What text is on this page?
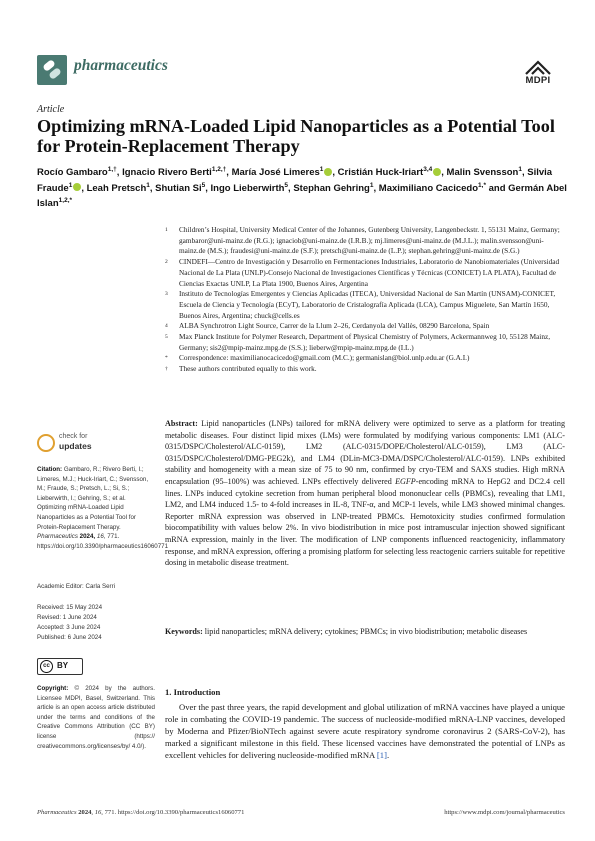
pharmaceutics
MDPI
Article
Optimizing mRNA-Loaded Lipid Nanoparticles as a Potential Tool for Protein-Replacement Therapy
Rocío Gambaro$^{1,\dagger}$, Ignacio Rivero Berti$^{1,2,\dagger}$, María José Limeres$^1$ , Cristián Huck-Iriart$^{3,4}$ , Malin Svensson$^1$, Silvia Fraude$^1$ , Leah Pretsch$^1$, Shutian Si$^5$, Ingo Lieberwirth$^5$, Stephan Gehring$^1$, Maximiliano Cacicedo$^{1,*}$ and Germán Abel Islan$^{1,2,*}$
1	Children’s Hospital, University Medical Center of the Johannes, Gutenberg University, Langenbeckstr. 1, 55131 Mainz, Germany; gambaror@uni-mainz.de (R.G.); ignaciob@uni-mainz.de (I.R.B.); mj.limeres@uni-mainz.de (M.J.L.); malin.svensson@uni-mainz.de (M.S.); fraudesi@uni-mainz.de (S.F.); pretsch@uni-mainz.de (L.P.); stephan.gehring@uni-mainz.de (S.G.)
2	CINDEFI—Centro de Investigación y Desarrollo en Fermentaciones Industriales, Laboratorio de Nanobiomateriales (Universidad Nacional de La Plata (UNLP)-Consejo Nacional de Investigaciones Científicas y Técnicas (CONICET) LA PLATA), Facultad de Ciencias Exactas UNLP, La Plata 1900, Buenos Aires, Argentina
3	Instituto de Tecnologías Emergentes y Ciencias Aplicadas (ITECA), Universidad Nacional de San Martín (UNSAM)-CONICET, Escuela de Ciencia y Tecnología (ECyT), Laboratorio de Cristalografía Aplicada (LCA), Campus Miguelete, San Martín 1650, Buenos Aires, Argentina; chuck@cells.es
4	ALBA Synchrotron Light Source, Carrer de la Llum 2–26, Cerdanyola del Vallès, 08290 Barcelona, Spain
5	Max Planck Institute for Polymer Research, Department of Physical Chemistry of Polymers, Ackermannweg 10, 55128 Mainz, Germany; sis2@mpip-mainz.mpg.de (S.S.); lieberw@mpip-mainz.mpg.de (I.L.)
*	Correspondence: maximilianocacicedo@gmail.com (M.C.); germanislan@biol.unlp.edu.ar (G.A.I.)
†	These authors contributed equally to this work.
check for
updates
Citation: Gambaro, R.; Rivero Berti, I.; Limeres, M.J.; Huck-Iriart, C.; Svensson, M.; Fraude, S.; Pretsch, L.; Si, S.; Lieberwirth, I.; Gehring, S.; et al. Optimizing mRNA-Loaded Lipid Nanoparticles as a Potential Tool for Protein-Replacement Therapy. Pharmaceutics 2024, 16, 771. https://doi.org/10.3390/pharmaceutics16060771
Academic Editor: Carla Serri
Received: 15 May 2024
Revised: 1 June 2024
Accepted: 3 June 2024
Published: 6 June 2024
cc BY
Copyright: © 2024 by the authors. Licensee MDPI, Basel, Switzerland. This article is an open access article distributed under the terms and conditions of the Creative Commons Attribution (CC BY) license (https:// creativecommons.org/licenses/by/ 4.0/).
Abstract: Lipid nanoparticles (LNPs) tailored for mRNA delivery were optimized to serve as a platform for treating metabolic diseases. Four distinct lipid mixes (LMs) were formulated by modifying various components: LM1 (ALC-0315/DSPC/Cholesterol/ALC-0159), LM2 (ALC-0315/DOPE/Cholesterol/ALC-0159), LM3 (ALC-0315/DSPC/Cholesterol/DMG-PEG2k), and LM4 (DLin-MC3-DMA/DSPC/Cholesterol/ALC-0159). LNPs exhibited stability and homogeneity with a mean size of 75 to 90 nm, confirmed by cryo-TEM and SAXS studies. High mRNA encapsulation (95–100%) was achieved. LNPs effectively delivered EGFP-encoding mRNA to HepG2 and DC2.4 cell lines. LNPs induced cytokine secretion from human peripheral blood mononuclear cells (PBMCs), revealing that LM1, LM2, and LM4 induced 1.5- to 4-fold increases in IL-8, TNF-α, and MCP-1 levels, while LM3 showed minimal changes. Reporter mRNA expression was observed in LNP-treated PBMCs. Hemotoxicity studies confirmed formulation biocompatibility with values below 2%. In vivo biodistribution in mice post intramuscular injection showed significant mRNA expression, mainly in the liver. The modification of LNP components influenced reactogenicity, inflammatory response, and mRNA expression, offering a promising platform for selecting less reactogenic carriers suitable for repetitive dosing in metabolic disease treatment.
Keywords: lipid nanoparticles; mRNA delivery; cytokines; PBMCs; in vivo biodistribution; metabolic diseases
1. Introduction
Over the past three years, the rapid development and global utilization of mRNA vaccines have played a unique role in combating the COVID-19 pandemic. The success of nucleoside-modified mRNA-LNP vaccines, developed by Moderna and Pfizer/BioNTech against severe acute respiratory syndrome coronavirus 2 (SARS-CoV-2), has marked a significant milestone in this field. These licensed vaccines have demonstrated the potential of LNPs as excellent vehicles for delivering nucleoside-modified mRNA [1].
Pharmaceutics 2024, 16, 771. https://doi.org/10.3390/pharmaceutics16060771	https://www.mdpi.com/journal/pharmaceutics
